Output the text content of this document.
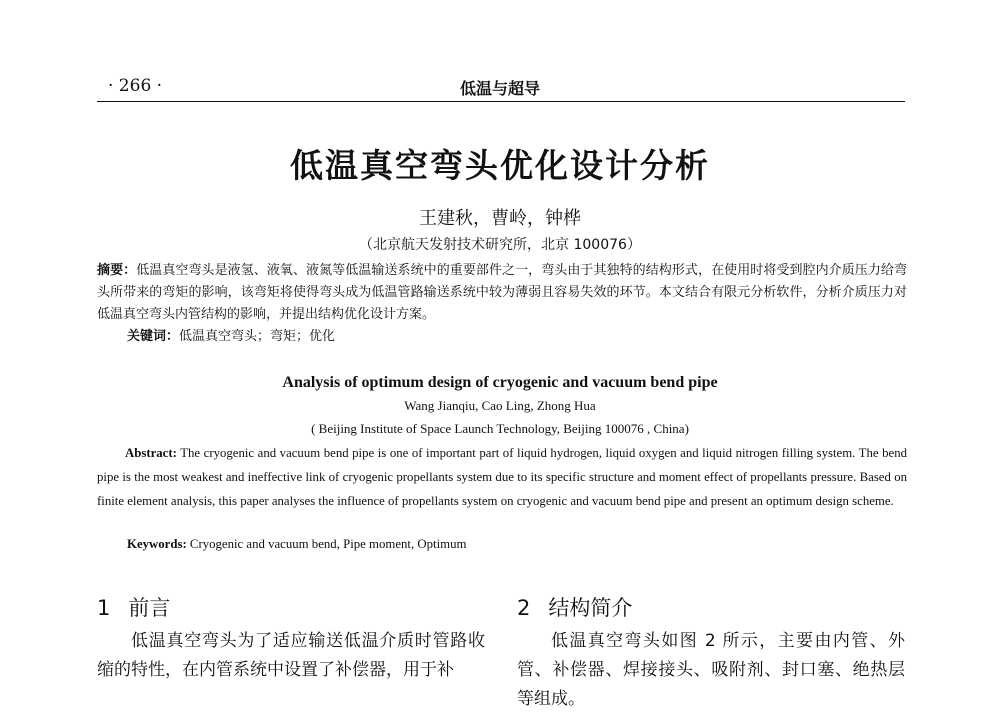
· 266 ·	低温与超导
低温真空弯头优化设计分析
王建秋，曹岭，钟桦
（北京航天发射技术研究所，北京 100076）
摘要：低温真空弯头是液氢、液氧、液氮等低温输送系统中的重要部件之一，弯头由于其独特的结构形式，在使用时将受到腔内介质压力给弯头所带来的弯矩的影响，该弯矩将使得弯头成为低温管路输送系统中较为薄弱且容易失效的环节。本文结合有限元分析软件，分析介质压力对低温真空弯头内管结构的影响，并提出结构优化设计方案。
关键词：低温真空弯头；弯矩；优化
Analysis of optimum design of cryogenic and vacuum bend pipe
Wang Jianqiu, Cao Ling, Zhong Hua
( Beijing Institute of Space Launch Technology, Beijing 100076 , China)
Abstract: The cryogenic and vacuum bend pipe is one of important part of liquid hydrogen, liquid oxygen and liquid nitrogen filling system. The bend pipe is the most weakest and ineffective link of cryogenic propellants system due to its specific structure and moment effect of propellants pressure. Based on finite element analysis, this paper analyses the influence of propellants system on cryogenic and vacuum bend pipe and present an optimum design scheme.
Keywords: Cryogenic and vacuum bend, Pipe moment, Optimum
1 前言	2 结构简介
低温真空弯头为了适应输送低温介质时管路收缩的特性，在内管系统中设置了补偿器，用于补
低温真空弯头如图 2 所示，主要由内管、外管、补偿器、焊接接头、吸附剂、封口塞、绝热层等组成。
